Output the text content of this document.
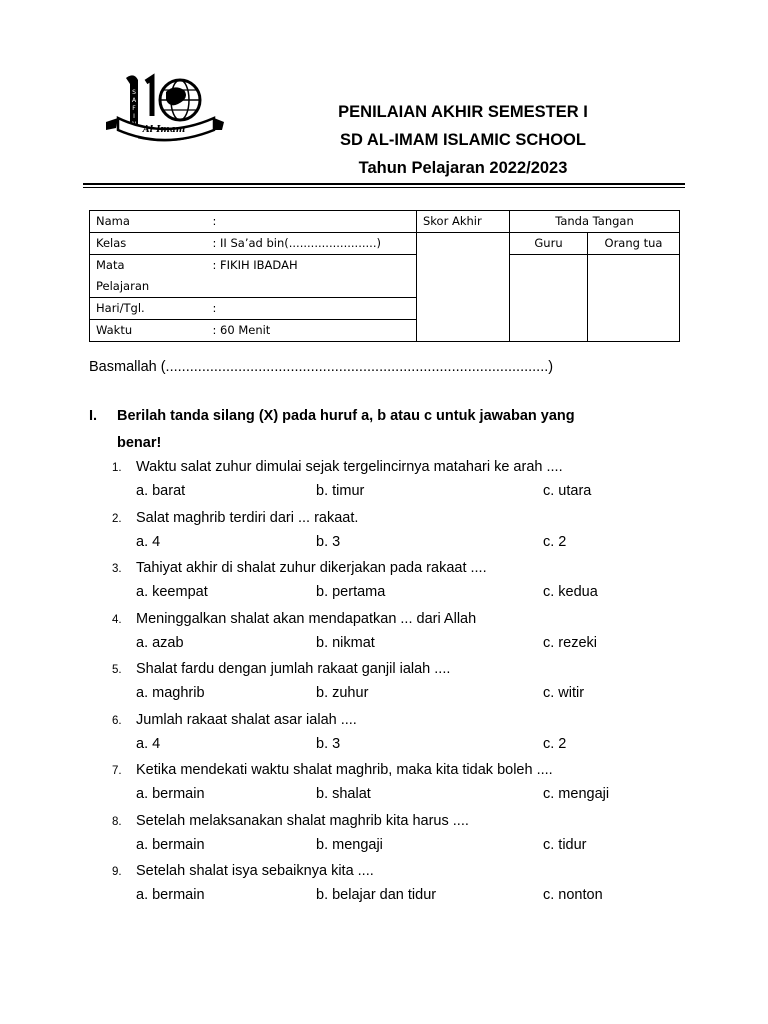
S
A
F
I
Al Imam
PENILAIAN AKHIR SEMESTER I
SD AL-IMAM ISLAMIC SCHOOL
Tahun Pelajaran 2022/2023
Nama	:	Skor Akhir	Tanda Tangan	
Kelas	: II Sa’ad bin(........................)		Guru	Orang tua

Mata
Pelajaran	: FIKIH IBADAH			
Hari/Tgl.	:			
Waktu	: 60 Menit			
Basmallah (...............................................................................................)
I. Berilah tanda silang (X) pada huruf a, b atau c untuk jawaban yang
benar!
1. Waktu salat zuhur dimulai sejak tergelincirnya matahari ke arah ....
a. barat	b. timur	c. utara
2. Salat maghrib terdiri dari ... rakaat.
a. 4	b. 3	c. 2
3. Tahiyat akhir di shalat zuhur dikerjakan pada rakaat ....
a. keempat	b. pertama	c. kedua
4. Meninggalkan shalat akan mendapatkan ... dari Allah
a. azab	b. nikmat	c. rezeki
5. Shalat fardu dengan jumlah rakaat ganjil ialah ....
a. maghrib	b. zuhur	c. witir
6. Jumlah rakaat shalat asar ialah ....
a. 4	b. 3	c. 2
7. Ketika mendekati waktu shalat maghrib, maka kita tidak boleh ....
a. bermain	b. shalat	c. mengaji
8. Setelah melaksanakan shalat maghrib kita harus ....
a. bermain	b. mengaji	c. tidur
9. Setelah shalat isya sebaiknya kita ....
a. bermain	b. belajar dan tidur	c. nonton
